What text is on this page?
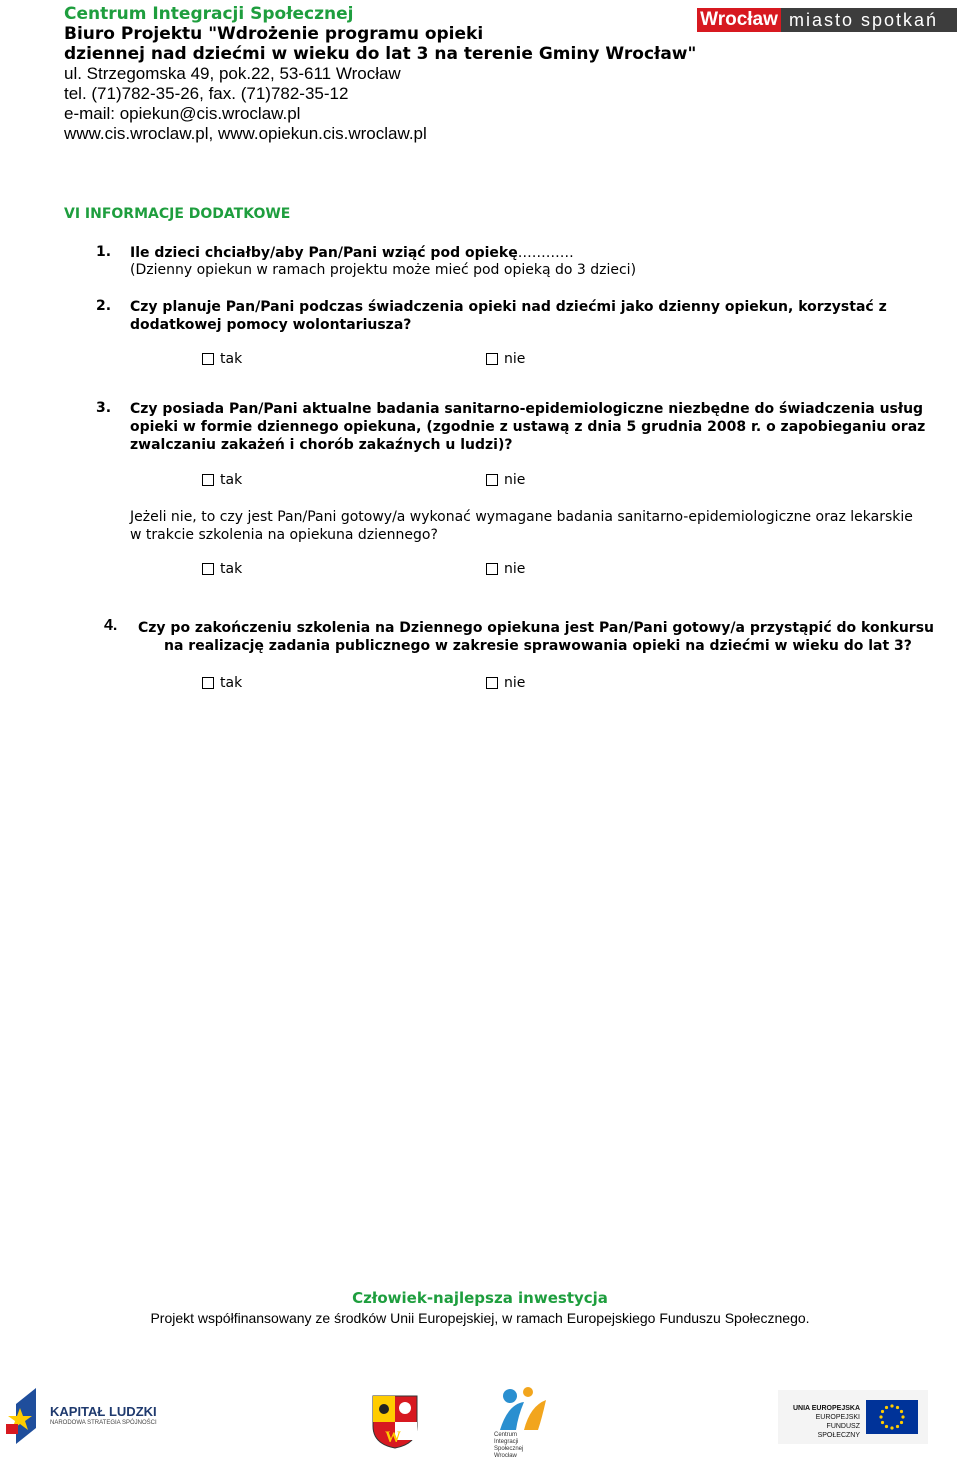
Centrum Integracji Społecznej
Biuro Projektu "Wdrożenie programu opieki
dziennej nad dziećmi w wieku do lat 3 na terenie Gminy Wrocław"
ul. Strzegomska 49, pok.22, 53-611 Wrocław
tel. (71)782-35-26, fax. (71)782-35-12
e-mail: opiekun@cis.wroclaw.pl
www.cis.wroclaw.pl, www.opiekun.cis.wroclaw.pl
Wrocław miasto spotkań
VI INFORMACJE DODATKOWE
1. Ile dzieci chciałby/aby Pan/Pani wziąć pod opiekę…………
(Dzienny opiekun w ramach projektu może mieć pod opieką do 3 dzieci)
2. Czy planuje Pan/Pani podczas świadczenia opieki nad dziećmi jako dzienny opiekun, korzystać z
dodatkowej pomocy wolontariusza?
tak	nie
3. Czy posiada Pan/Pani aktualne badania sanitarno-epidemiologiczne niezbędne do świadczenia usług
opieki w formie dziennego opiekuna, (zgodnie z ustawą z dnia 5 grudnia 2008 r. o zapobieganiu oraz
zwalczaniu zakażeń i chorób zakaźnych u ludzi)?
tak	nie
Jeżeli nie, to czy jest Pan/Pani gotowy/a wykonać wymagane badania sanitarno-epidemiologiczne oraz lekarskie
w trakcie szkolenia na opiekuna dziennego?
tak	nie
4. Czy po zakończeniu szkolenia na Dziennego opiekuna jest Pan/Pani gotowy/a przystąpić do konkursu
na realizację zadania publicznego w zakresie sprawowania opieki na dziećmi w wieku do lat 3?
tak	nie
Człowiek-najlepsza inwestycja
Projekt współfinansowany ze środków Unii Europejskiej, w ramach Europejskiego Funduszu Społecznego.
KAPITAŁ LUDZKI
NARODOWA STRATEGIA SPÓJNOŚCI
W	Centrum
Integracji
Społecznej
Wrocław
UNIA EUROPEJSKA
EUROPEJSKI
FUNDUSZ SPOŁECZNY
